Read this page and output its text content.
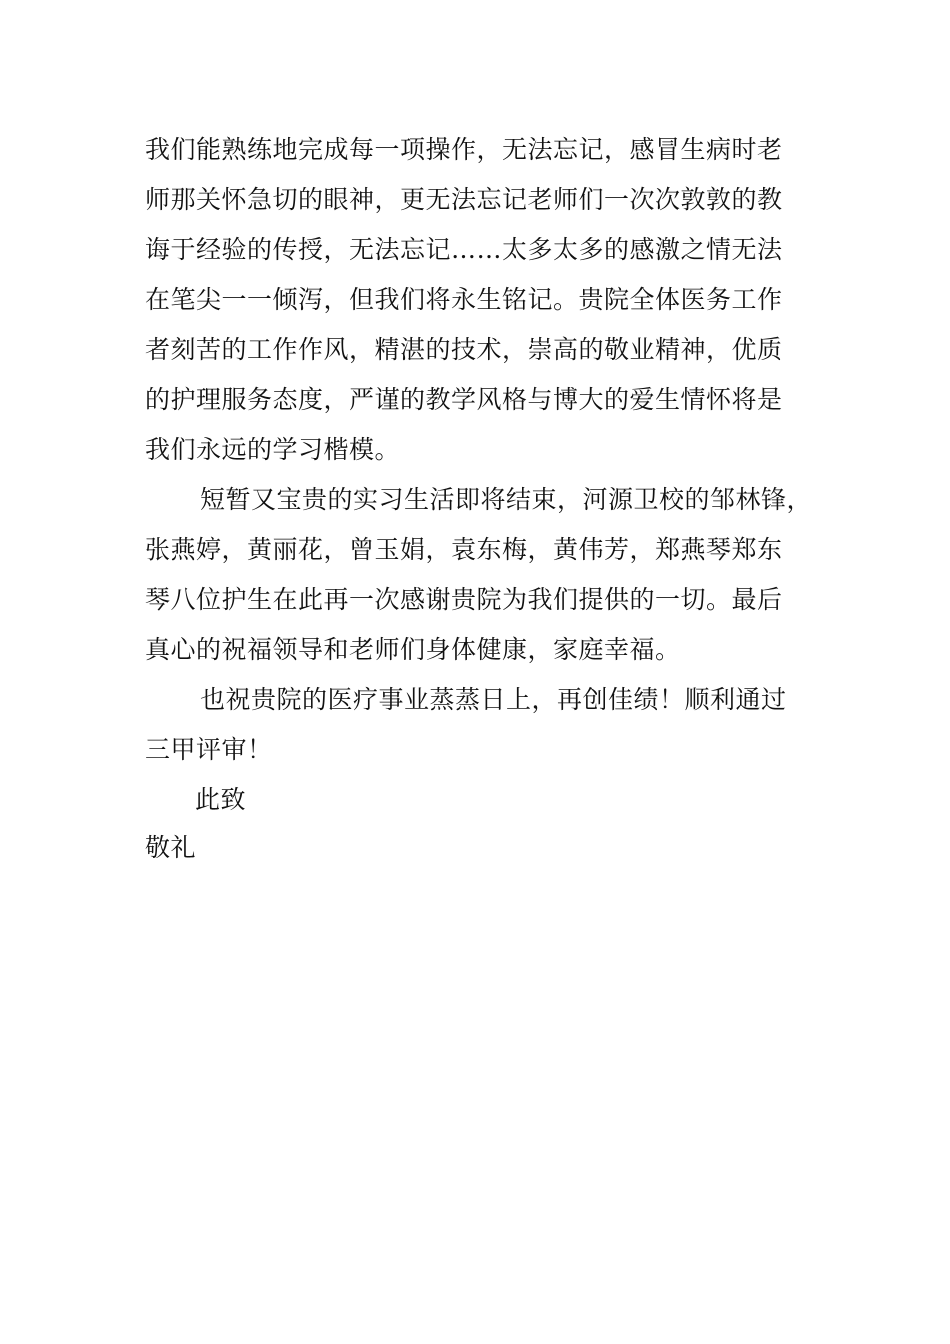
我们能熟练地完成每一项操作，无法忘记，感冒生病时老
师那关怀急切的眼神，更无法忘记老师们一次次敦敦的教
诲于经验的传授，无法忘记……太多太多的感激之情无法
在笔尖一一倾泻，但我们将永生铭记。贵院全体医务工作
者刻苦的工作作风，精湛的技术，崇高的敬业精神，优质
的护理服务态度，严谨的教学风格与博大的爱生情怀将是
我们永远的学习楷模。
短暂又宝贵的实习生活即将结束，河源卫校的邹林锋，
张燕婷，黄丽花，曾玉娟，袁东梅，黄伟芳，郑燕琴郑东
琴八位护生在此再一次感谢贵院为我们提供的一切。最后
真心的祝福领导和老师们身体健康，家庭幸福。
也祝贵院的医疗事业蒸蒸日上，再创佳绩！顺利通过
三甲评审！
此致
敬礼
